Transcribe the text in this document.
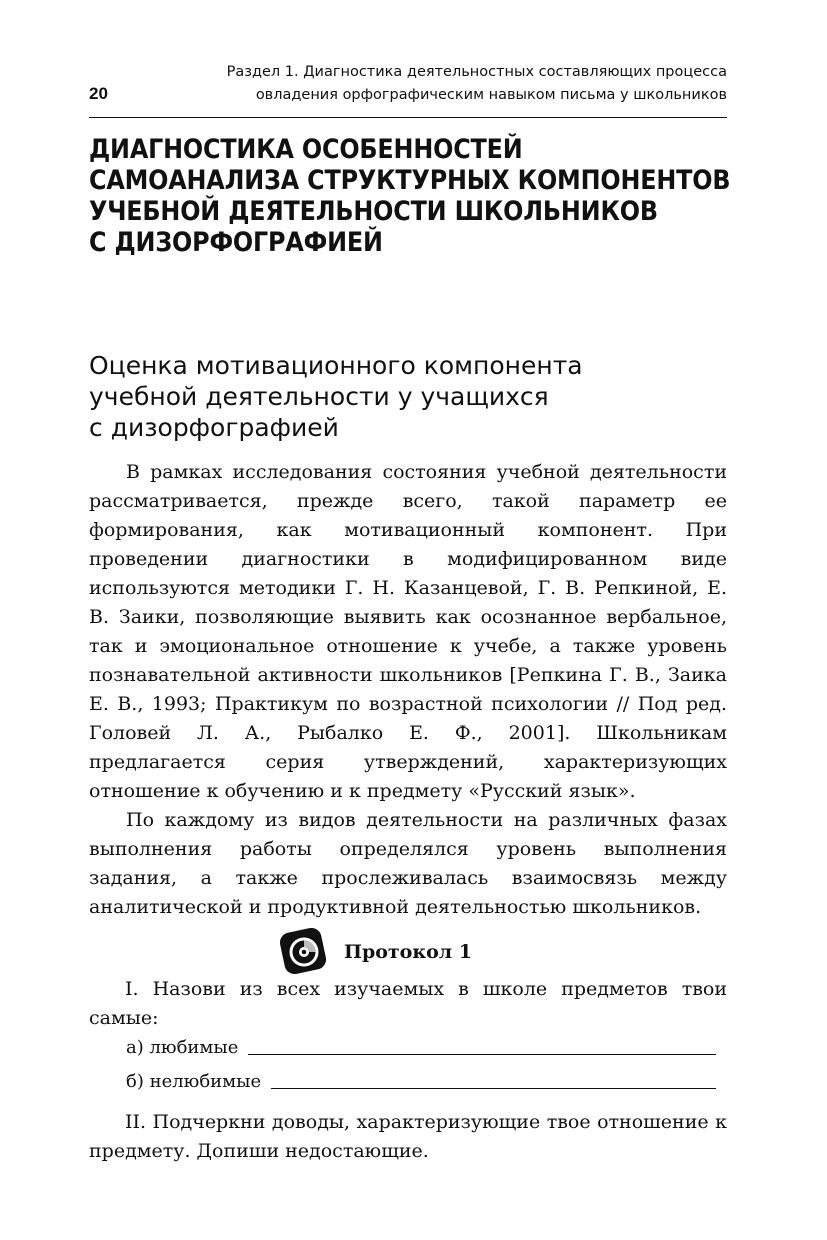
20
Раздел 1. Диагностика деятельностных составляющих процесса
овладения орфографическим навыком письма у школьников
ДИАГНОСТИКА ОСОБЕННОСТЕЙ
САМОАНАЛИЗА СТРУКТУРНЫХ КОМПОНЕНТОВ
УЧЕБНОЙ ДЕЯТЕЛЬНОСТИ ШКОЛЬНИКОВ
С ДИЗОРФОГРАФИЕЙ
Оценка мотивационного компонента
учебной деятельности у учащихся
с дизорфографией

В рамках исследования состояния учебной деятельности рассматривается, прежде всего, такой параметр ее формирования, как мотивационный компонент. При проведении диагностики в модифицированном виде используются методики Г. Н. Казанцевой, Г. В. Репкиной, Е. В. Заики, позволяющие выявить как осознанное вербальное, так и эмоциональное отношение к учебе, а также уровень познавательной активности школьников [Репкина Г. В., Заика Е. В., 1993; Практикум по возрастной психологии // Под ред. Головей Л. А., Рыбалко Е. Ф., 2001]. Школьникам предлагается серия утверждений, характеризующих отношение к обучению и к предмету «Русский язык».

По каждому из видов деятельности на различных фазах выполнения работы определялся уровень выполнения задания, а также прослеживалась взаимосвязь между аналитической и продуктивной деятельностью школьников.

Протокол 1

I. Назови из всех изучаемых в школе предметов твои самые:

а) любимые
б) нелюбимые

II. Подчеркни доводы, характеризующие твое отношение к предмету. Допиши недостающие.
